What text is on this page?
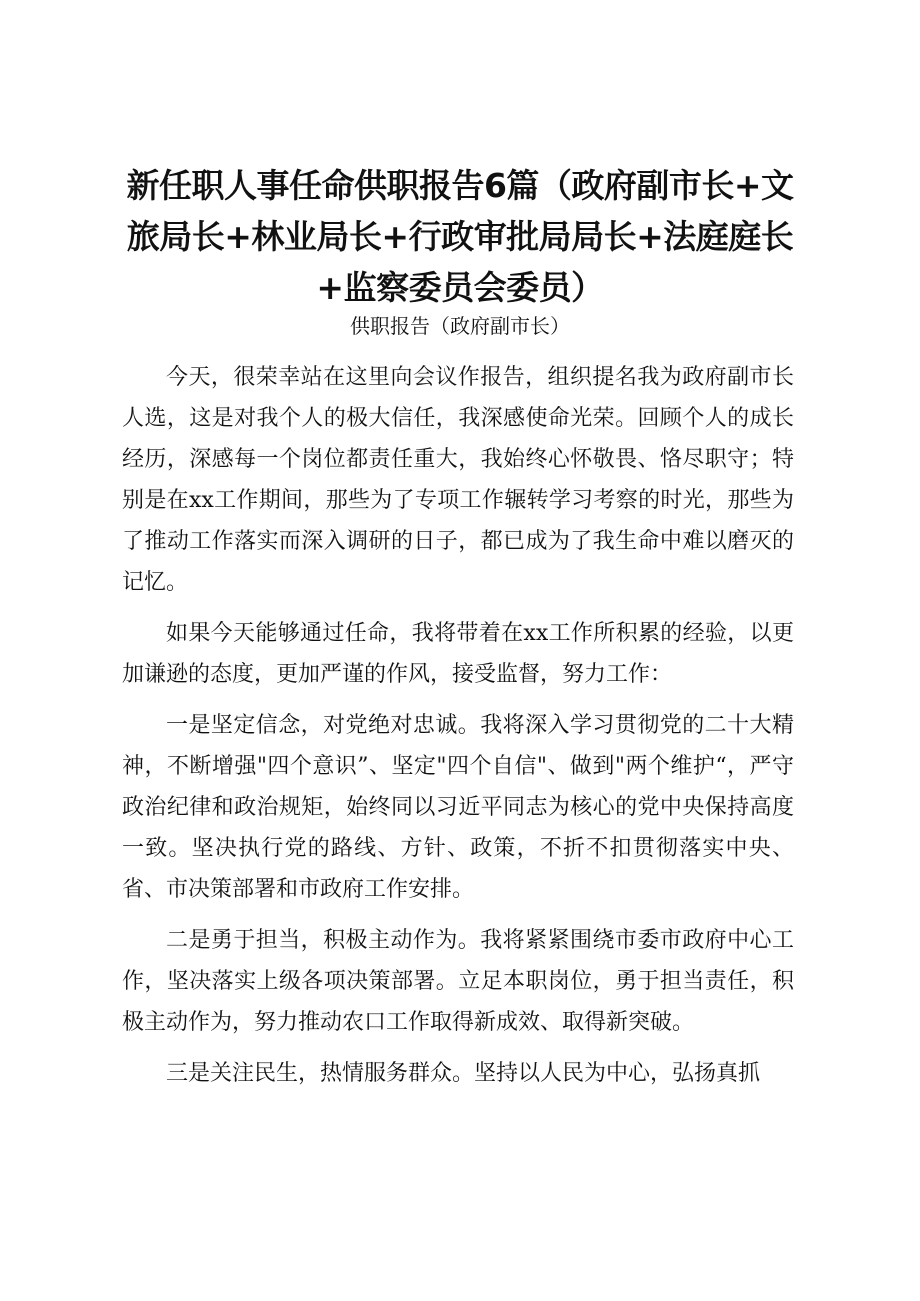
新任职人事任命供职报告6篇（政府副市长+文旅局长+林业局长+行政审批局局长+法庭庭长+监察委员会委员）
供职报告（政府副市长）

今天，很荣幸站在这里向会议作报告，组织提名我为政府副市长人选，这是对我个人的极大信任，我深感使命光荣。回顾个人的成长经历，深感每一个岗位都责任重大，我始终心怀敬畏、恪尽职守；特别是在xx工作期间，那些为了专项工作辗转学习考察的时光，那些为了推动工作落实而深入调研的日子，都已成为了我生命中难以磨灭的记忆。

如果今天能够通过任命，我将带着在xx工作所积累的经验，以更加谦逊的态度，更加严谨的作风，接受监督，努力工作：

一是坚定信念，对党绝对忠诚。我将深入学习贯彻党的二十大精神，不断增强"四个意识”、坚定"四个自信"、做到"两个维护“，严守政治纪律和政治规矩，始终同以习近平同志为核心的党中央保持高度一致。坚决执行党的路线、方针、政策，不折不扣贯彻落实中央、省、市决策部署和市政府工作安排。

二是勇于担当，积极主动作为。我将紧紧围绕市委市政府中心工作，坚决落实上级各项决策部署。立足本职岗位，勇于担当责任，积极主动作为，努力推动农口工作取得新成效、取得新突破。

三是关注民生，热情服务群众。坚持以人民为中心，弘扬真抓
